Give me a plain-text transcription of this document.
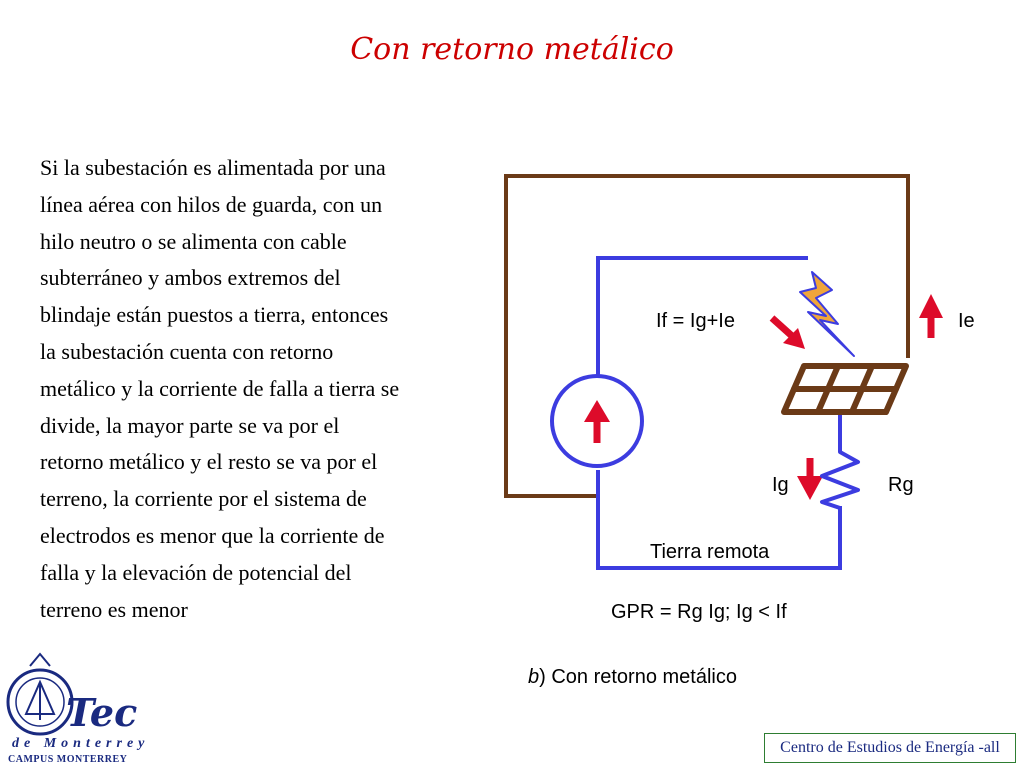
Con retorno metálico
Si la subestación es alimentada por una
línea aérea con hilos de guarda, con un
hilo neutro o se alimenta con cable
subterráneo y ambos extremos del
blindaje están puestos a tierra, entonces
la subestación cuenta con retorno
metálico y la corriente de falla a tierra se
divide, la mayor parte se va por el
retorno metálico y el resto se va por el
terreno, la corriente por el sistema de
electrodos es menor que la corriente de
falla y la elevación de potencial del
terreno es menor
If = Ig+Ie	Ie
Ig	Rg
Tierra remota
GPR = Rg Ig; Ig < If
b) Con retorno metálico
Tec
de Monterrey
CAMPUS MONTERREY
Centro de Estudios de Energía -all
